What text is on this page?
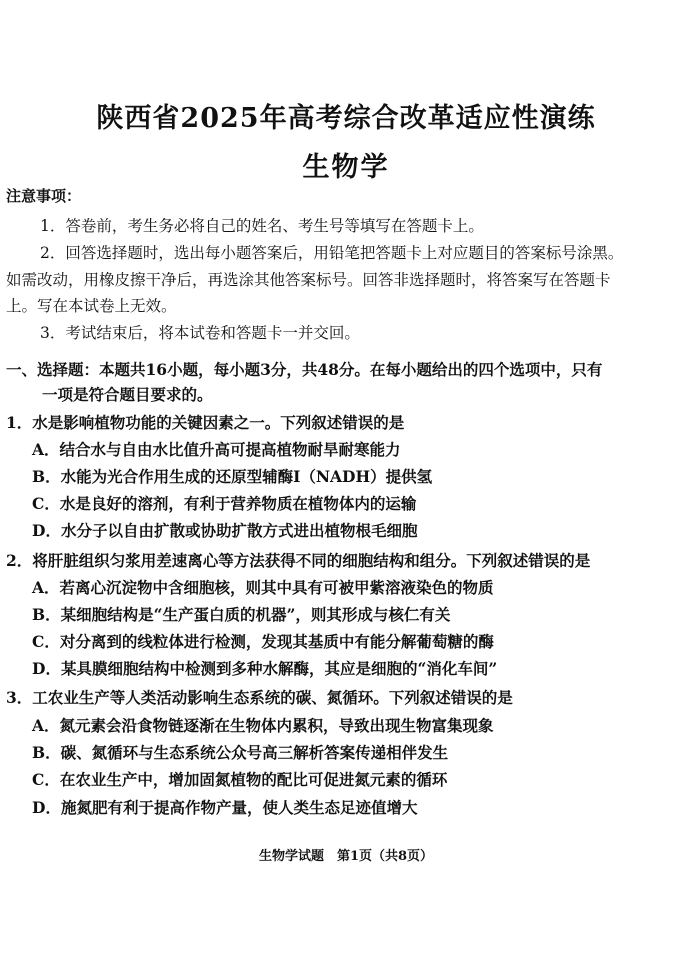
陕西省2025年高考综合改革适应性演练
生物学
注意事项：
1．答卷前，考生务必将自己的姓名、考生号等填写在答题卡上。
2．回答选择题时，选出每小题答案后，用铅笔把答题卡上对应题目的答案标号涂黑。
如需改动，用橡皮擦干净后，再选涂其他答案标号。回答非选择题时，将答案写在答题卡
上。写在本试卷上无效。
3．考试结束后，将本试卷和答题卡一并交回。
一、选择题：本题共16小题，每小题3分，共48分。在每小题给出的四个选项中，只有
一项是符合题目要求的。
1．水是影响植物功能的关键因素之一。下列叙述错误的是
A．结合水与自由水比值升高可提高植物耐旱耐寒能力
B．水能为光合作用生成的还原型辅酶Ⅰ（NADH）提供氢
C．水是良好的溶剂，有利于营养物质在植物体内的运输
D．水分子以自由扩散或协助扩散方式进出植物根毛细胞
2．将肝脏组织匀浆用差速离心等方法获得不同的细胞结构和组分。下列叙述错误的是
A．若离心沉淀物中含细胞核，则其中具有可被甲紫溶液染色的物质
B．某细胞结构是“生产蛋白质的机器”，则其形成与核仁有关
C．对分离到的线粒体进行检测，发现其基质中有能分解葡萄糖的酶
D．某具膜细胞结构中检测到多种水解酶，其应是细胞的“消化车间”
3．工农业生产等人类活动影响生态系统的碳、氮循环。下列叙述错误的是
A．氮元素会沿食物链逐渐在生物体内累积，导致出现生物富集现象
B．碳、氮循环与生态系统公众号高三解析答案传递相伴发生
C．在农业生产中，增加固氮植物的配比可促进氮元素的循环
D．施氮肥有利于提高作物产量，使人类生态足迹值增大
生物学试题　第1页（共8页）
